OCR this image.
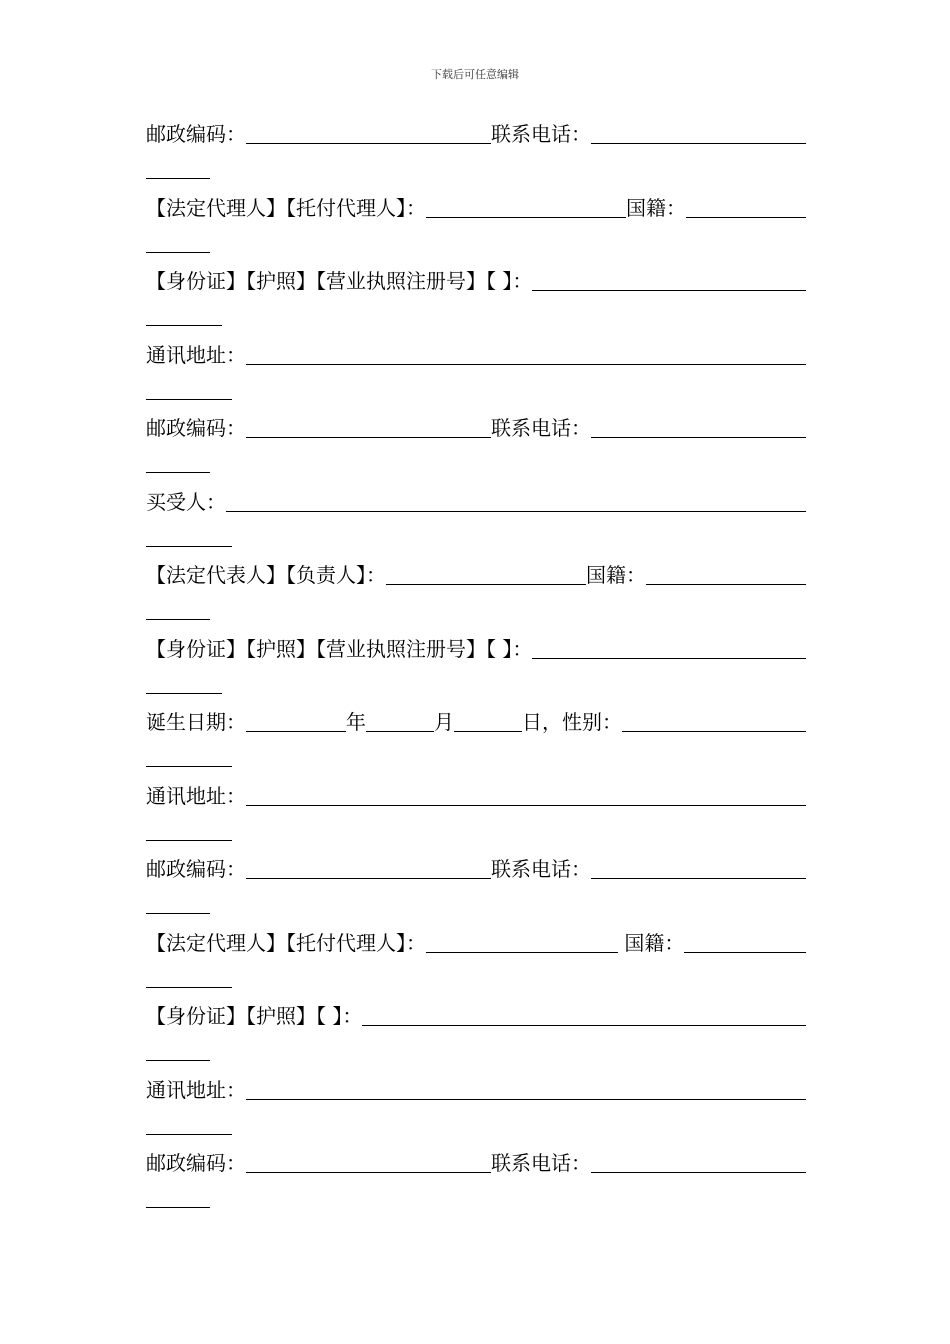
下载后可任意编辑
邮政编码：	联系电话：
【法定代理人】【托付代理人】：	国籍：
【身份证】【护照】【营业执照注册号】【 】：
通讯地址：
邮政编码：	联系电话：
买受人：
【法定代表人】【负责人】：	国籍：
【身份证】【护照】【营业执照注册号】【 】：
诞生日期：	年	月	日，性别：
通讯地址：
邮政编码：	联系电话：
【法定代理人】【托付代理人】：	国籍：
【身份证】【护照】【 】：
通讯地址：
邮政编码：	联系电话：
